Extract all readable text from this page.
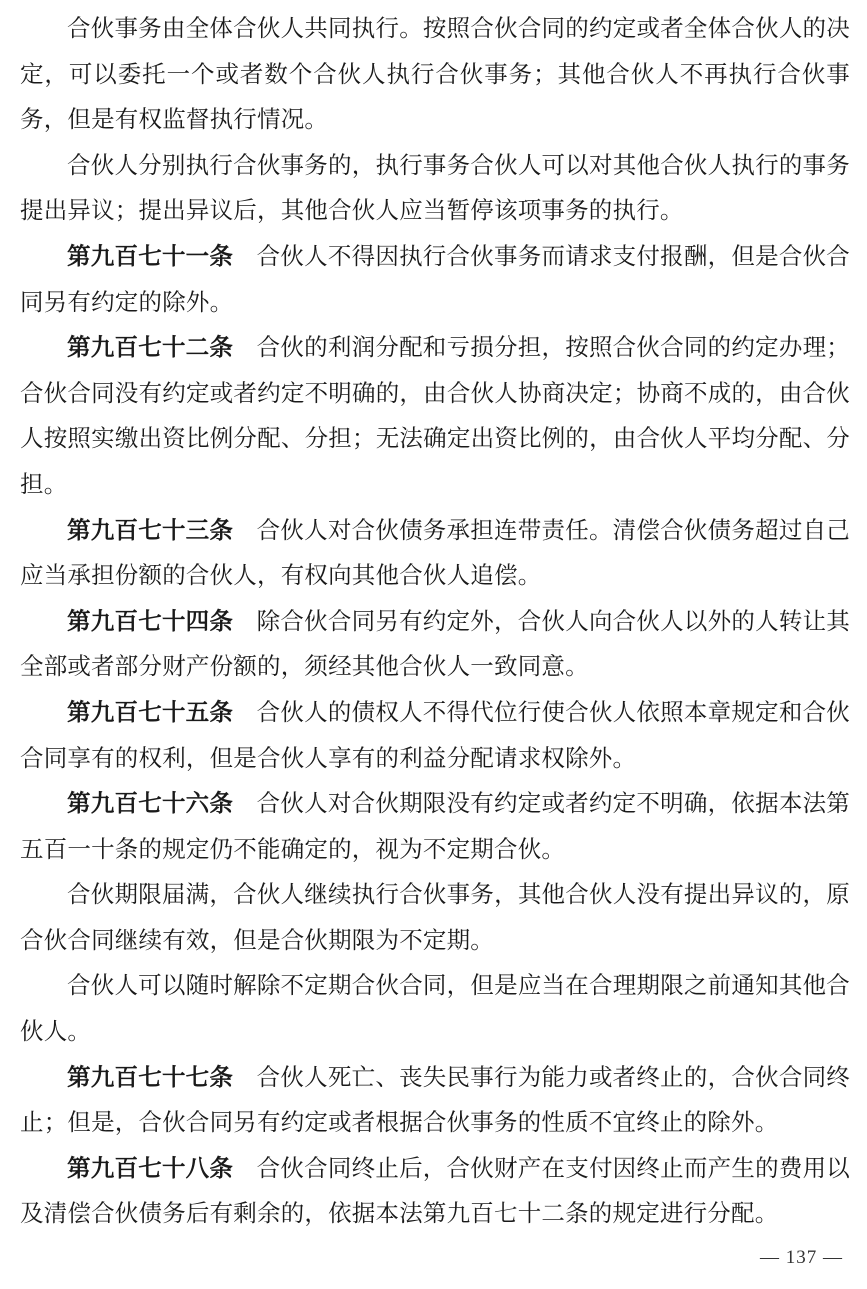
合伙事务由全体合伙人共同执行。按照合伙合同的约定或者全体合伙人的决定，可以委托一个或者数个合伙人执行合伙事务；其他合伙人不再执行合伙事务，但是有权监督执行情况。

合伙人分别执行合伙事务的，执行事务合伙人可以对其他合伙人执行的事务提出异议；提出异议后，其他合伙人应当暂停该项事务的执行。

第九百七十一条 合伙人不得因执行合伙事务而请求支付报酬，但是合伙合同另有约定的除外。

第九百七十二条 合伙的利润分配和亏损分担，按照合伙合同的约定办理；合伙合同没有约定或者约定不明确的，由合伙人协商决定；协商不成的，由合伙人按照实缴出资比例分配、分担；无法确定出资比例的，由合伙人平均分配、分担。

第九百七十三条 合伙人对合伙债务承担连带责任。清偿合伙债务超过自己应当承担份额的合伙人，有权向其他合伙人追偿。

第九百七十四条 除合伙合同另有约定外，合伙人向合伙人以外的人转让其全部或者部分财产份额的，须经其他合伙人一致同意。

第九百七十五条 合伙人的债权人不得代位行使合伙人依照本章规定和合伙合同享有的权利，但是合伙人享有的利益分配请求权除外。

第九百七十六条 合伙人对合伙期限没有约定或者约定不明确，依据本法第五百一十条的规定仍不能确定的，视为不定期合伙。

合伙期限届满，合伙人继续执行合伙事务，其他合伙人没有提出异议的，原合伙合同继续有效，但是合伙期限为不定期。

合伙人可以随时解除不定期合伙合同，但是应当在合理期限之前通知其他合伙人。

第九百七十七条 合伙人死亡、丧失民事行为能力或者终止的，合伙合同终止；但是，合伙合同另有约定或者根据合伙事务的性质不宜终止的除外。

第九百七十八条 合伙合同终止后，合伙财产在支付因终止而产生的费用以及清偿合伙债务后有剩余的，依据本法第九百七十二条的规定进行分配。

— 137 —
